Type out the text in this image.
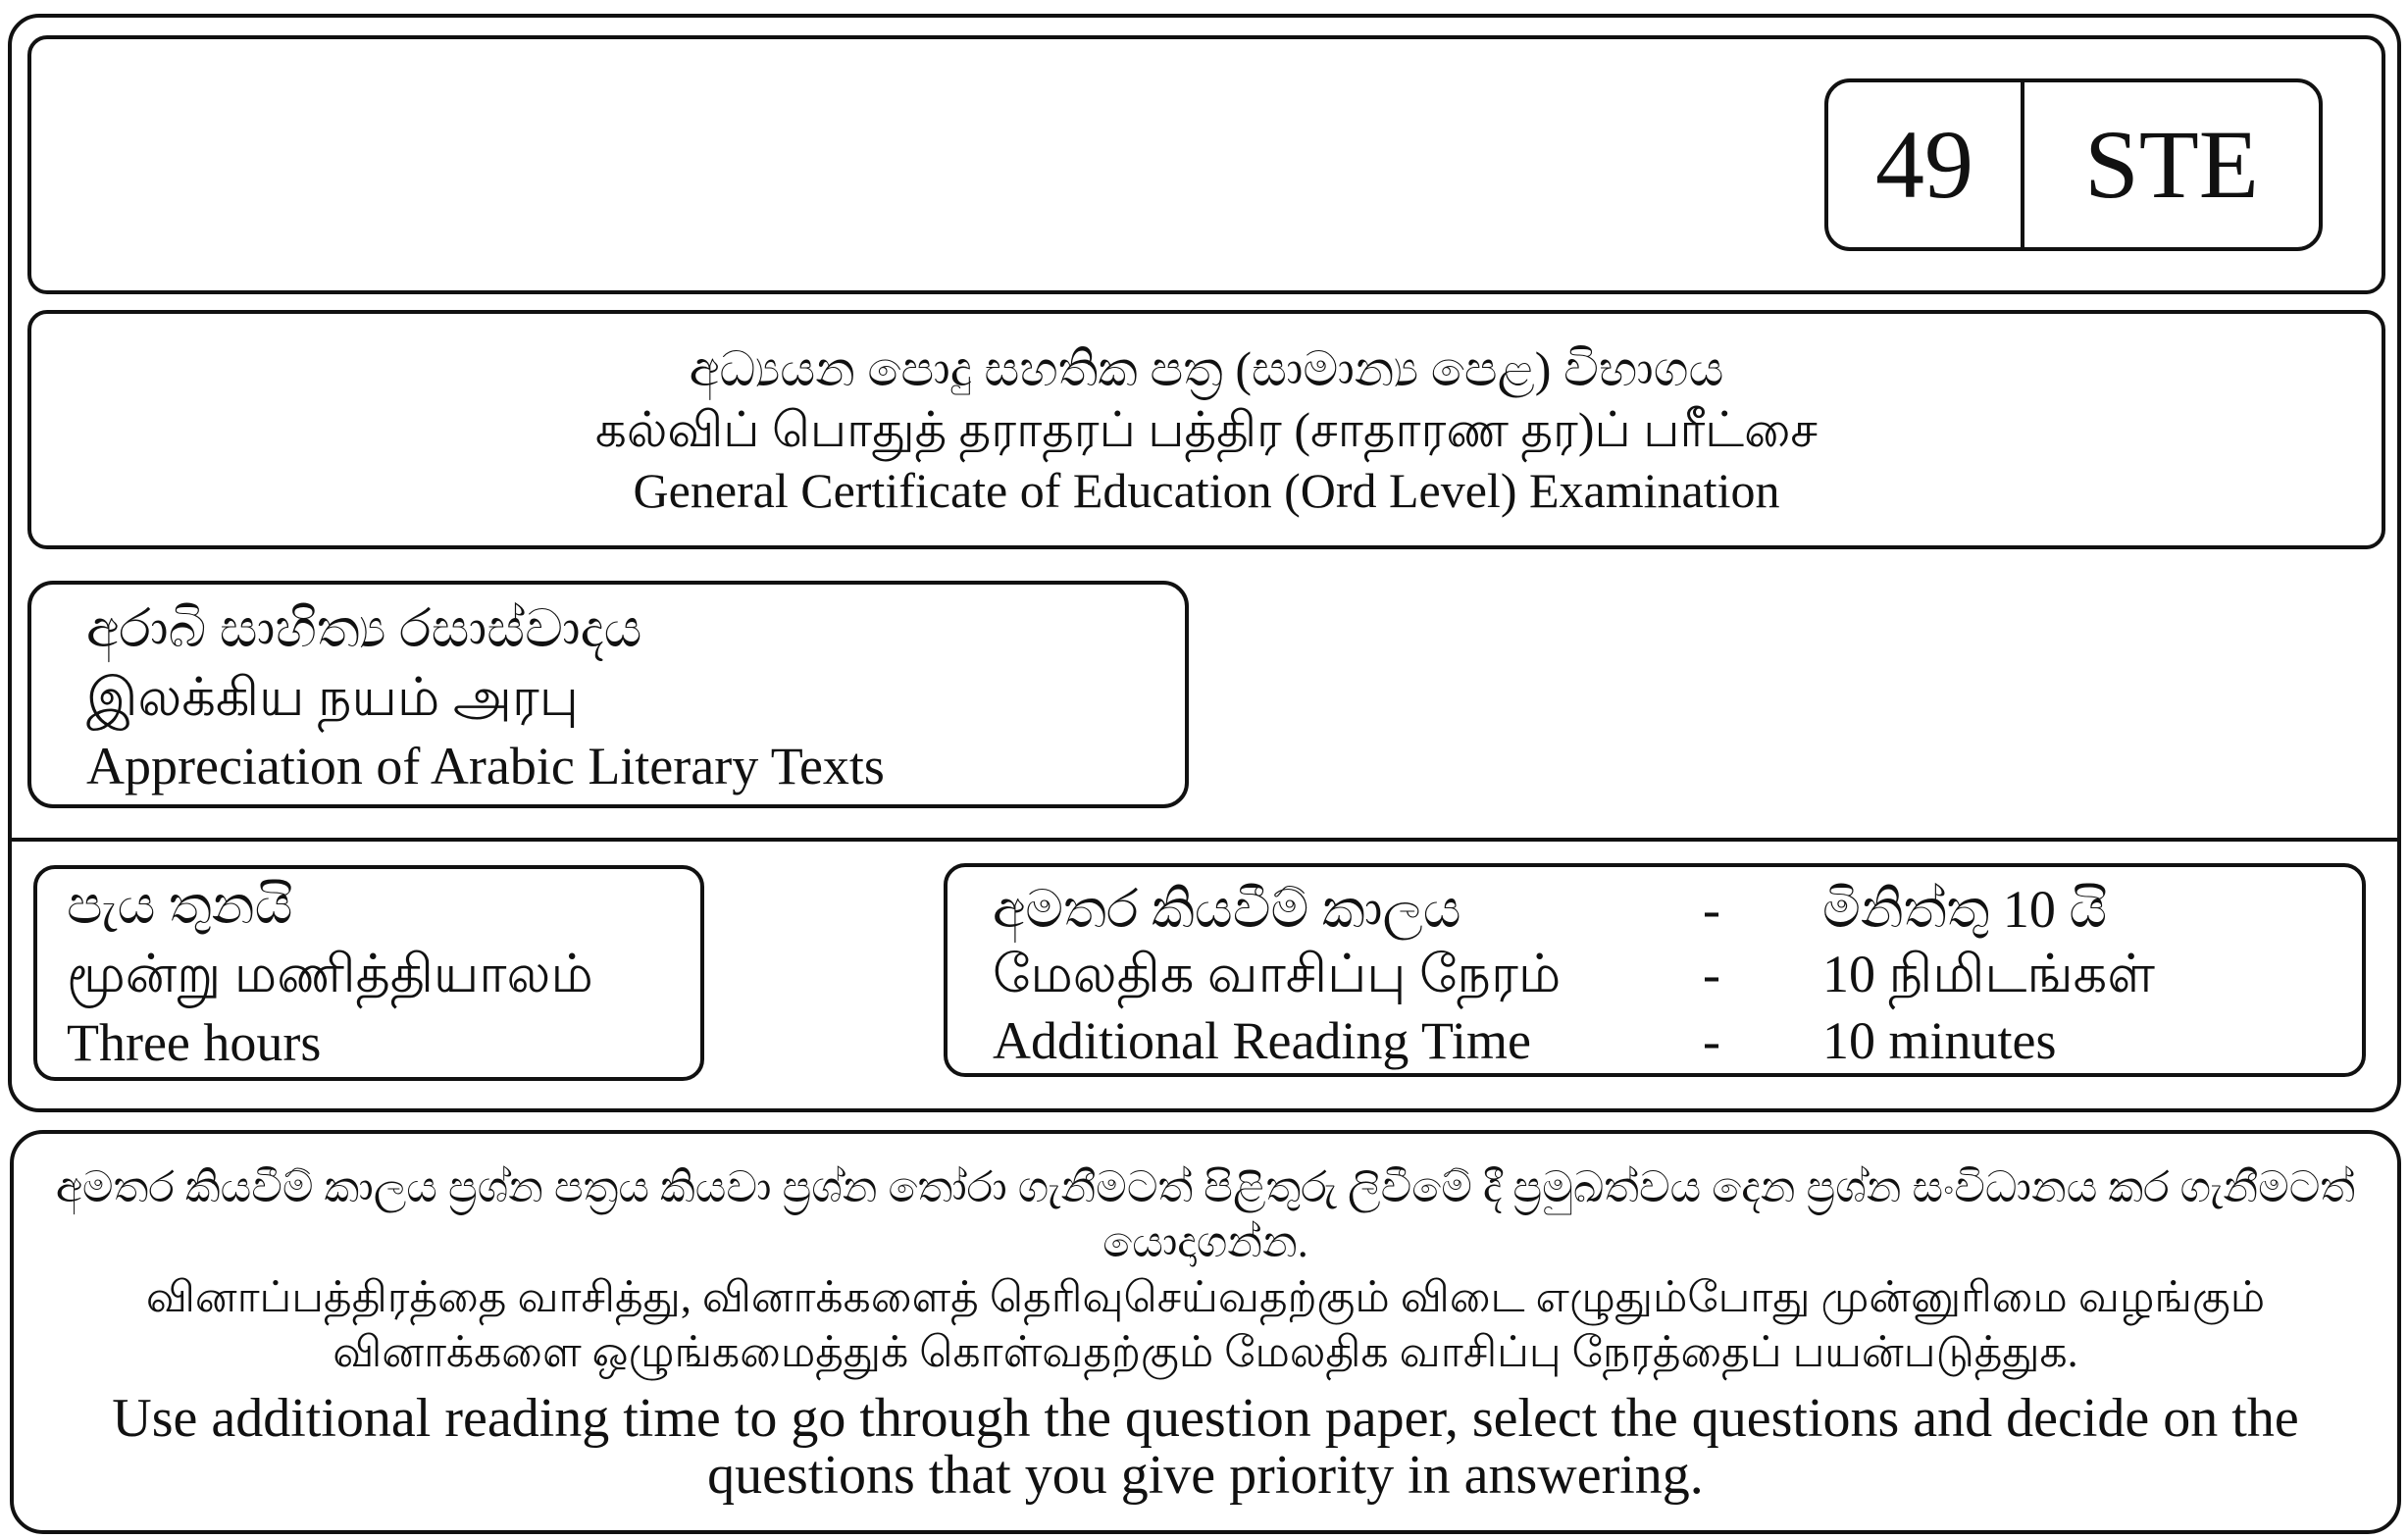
49	STE
අධ්‍යයන පොදු සහතික පත්‍ර (සාමාන්‍ය පෙළ) විභාගය
கல்விப் பொதுத் தராதரப் பத்திர (சாதாரண தர)ப் பரீட்சை
General Certificate of Education (Ord Level) Examination
අරාබි සාහිත්‍ය රසාස්වාදය
இலக்கிய நயம் அரபு
Appreciation of Arabic Literary Texts
පැය තුනයි
மூன்று மணித்தியாலம்
Three hours
අමතර කියවීම් කාලය	- මිනිත්තු 10 යි
மேலதிக வாசிப்பு நேரம்	- 10 நிமிடங்கள்
Additional Reading Time	- 10 minutes
අමතර කියවීම් කාලය ප්‍රශ්න පත්‍රය කියවා ප්‍රශ්න තෝරා ගැනීමටත් පිළිතුරු ලිවීමේ දී ප්‍රමුඛත්වය දෙන ප්‍රශ්න සංවිධානය කර ගැනීමටත් යොදාගන්න.
வினாப்பத்திரத்தை வாசித்து, வினாக்களைத் தெரிவுசெய்வதற்கும் விடை எழுதும்போது முன்னுரிமை வழங்கும் வினாக்களை ஒழுங்கமைத்துக் கொள்வதற்கும் மேலதிக வாசிப்பு நேரத்தைப் பயன்படுத்துக.
Use additional reading time to go through the question paper, select the questions and decide on the questions that you give priority in answering.
